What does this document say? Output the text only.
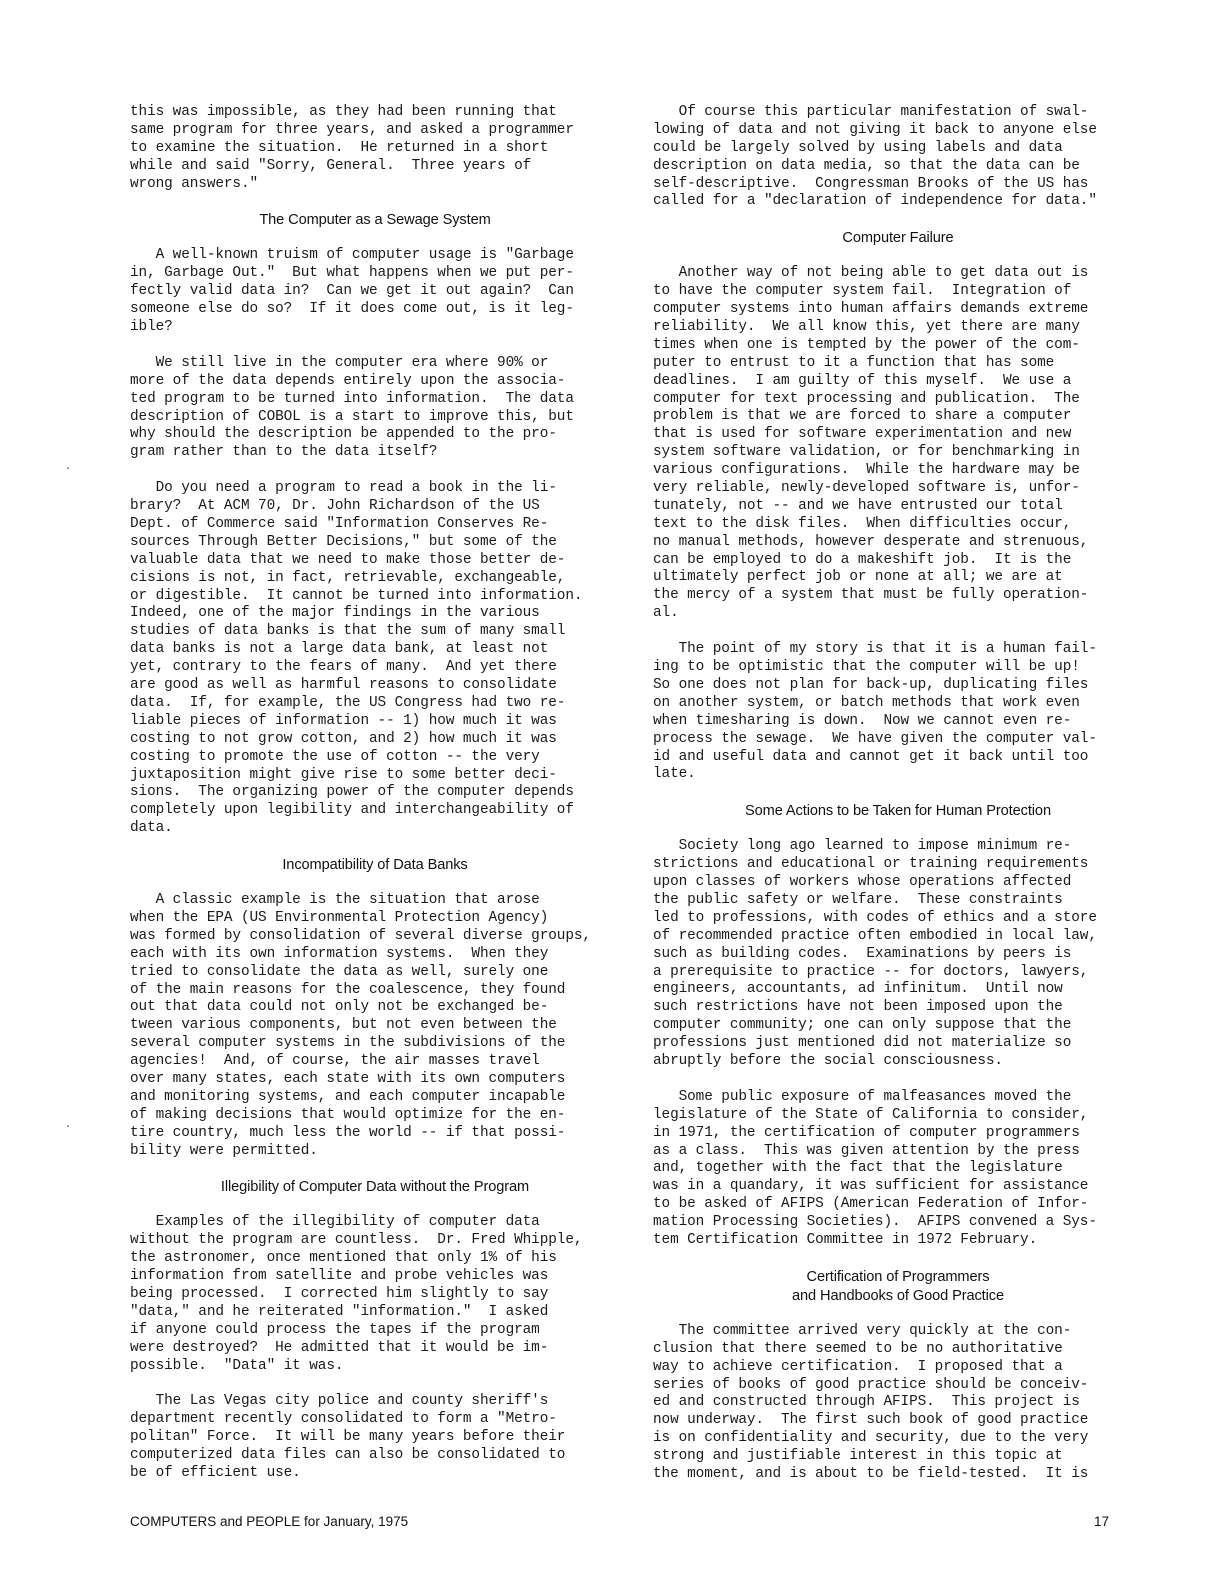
this was impossible, as they had been running that
same program for three years, and asked a programmer
to examine the situation.  He returned in a short
while and said "Sorry, General.  Three years of
wrong answers."
The Computer as a Sewage System
A well-known truism of computer usage is "Garbage
in, Garbage Out."  But what happens when we put per-
fectly valid data in?  Can we get it out again?  Can
someone else do so?  If it does come out, is it leg-
ible?
We still live in the computer era where 90% or
more of the data depends entirely upon the associa-
ted program to be turned into information.  The data
description of COBOL is a start to improve this, but
why should the description be appended to the pro-
gram rather than to the data itself?
Do you need a program to read a book in the li-
brary?  At ACM 70, Dr. John Richardson of the US
Dept. of Commerce said "Information Conserves Re-
sources Through Better Decisions," but some of the
valuable data that we need to make those better de-
cisions is not, in fact, retrievable, exchangeable,
or digestible.  It cannot be turned into information.
Indeed, one of the major findings in the various
studies of data banks is that the sum of many small
data banks is not a large data bank, at least not
yet, contrary to the fears of many.  And yet there
are good as well as harmful reasons to consolidate
data.  If, for example, the US Congress had two re-
liable pieces of information -- 1) how much it was
costing to not grow cotton, and 2) how much it was
costing to promote the use of cotton -- the very
juxtaposition might give rise to some better deci-
sions.  The organizing power of the computer depends
completely upon legibility and interchangeability of
data.
Incompatibility of Data Banks
A classic example is the situation that arose
when the EPA (US Environmental Protection Agency)
was formed by consolidation of several diverse groups,
each with its own information systems.  When they
tried to consolidate the data as well, surely one
of the main reasons for the coalescence, they found
out that data could not only not be exchanged be-
tween various components, but not even between the
several computer systems in the subdivisions of the
agencies!  And, of course, the air masses travel
over many states, each state with its own computers
and monitoring systems, and each computer incapable
of making decisions that would optimize for the en-
tire country, much less the world -- if that possi-
bility were permitted.
Illegibility of Computer Data without the Program
Examples of the illegibility of computer data
without the program are countless.  Dr. Fred Whipple,
the astronomer, once mentioned that only 1% of his
information from satellite and probe vehicles was
being processed.  I corrected him slightly to say
"data," and he reiterated "information."  I asked
if anyone could process the tapes if the program
were destroyed?  He admitted that it would be im-
possible.  "Data" it was.
The Las Vegas city police and county sheriff's
department recently consolidated to form a "Metro-
politan" Force.  It will be many years before their
computerized data files can also be consolidated to
be of efficient use.
Of course this particular manifestation of swal-
lowing of data and not giving it back to anyone else
could be largely solved by using labels and data
description on data media, so that the data can be
self-descriptive.  Congressman Brooks of the US has
called for a "declaration of independence for data."
Computer Failure
Another way of not being able to get data out is
to have the computer system fail.  Integration of
computer systems into human affairs demands extreme
reliability.  We all know this, yet there are many
times when one is tempted by the power of the com-
puter to entrust to it a function that has some
deadlines.  I am guilty of this myself.  We use a
computer for text processing and publication.  The
problem is that we are forced to share a computer
that is used for software experimentation and new
system software validation, or for benchmarking in
various configurations.  While the hardware may be
very reliable, newly-developed software is, unfor-
tunately, not -- and we have entrusted our total
text to the disk files.  When difficulties occur,
no manual methods, however desperate and strenuous,
can be employed to do a makeshift job.  It is the
ultimately perfect job or none at all; we are at
the mercy of a system that must be fully operation-
al.
The point of my story is that it is a human fail-
ing to be optimistic that the computer will be up!
So one does not plan for back-up, duplicating files
on another system, or batch methods that work even
when timesharing is down.  Now we cannot even re-
process the sewage.  We have given the computer val-
id and useful data and cannot get it back until too
late.
Some Actions to be Taken for Human Protection
Society long ago learned to impose minimum re-
strictions and educational or training requirements
upon classes of workers whose operations affected
the public safety or welfare.  These constraints
led to professions, with codes of ethics and a store
of recommended practice often embodied in local law,
such as building codes.  Examinations by peers is
a prerequisite to practice -- for doctors, lawyers,
engineers, accountants, ad infinitum.  Until now
such restrictions have not been imposed upon the
computer community; one can only suppose that the
professions just mentioned did not materialize so
abruptly before the social consciousness.
Some public exposure of malfeasances moved the
legislature of the State of California to consider,
in 1971, the certification of computer programmers
as a class.  This was given attention by the press
and, together with the fact that the legislature
was in a quandary, it was sufficient for assistance
to be asked of AFIPS (American Federation of Infor-
mation Processing Societies).  AFIPS convened a Sys-
tem Certification Committee in 1972 February.
Certification of Programmers
and Handbooks of Good Practice
The committee arrived very quickly at the con-
clusion that there seemed to be no authoritative
way to achieve certification.  I proposed that a
series of books of good practice should be conceiv-
ed and constructed through AFIPS.  This project is
now underway.  The first such book of good practice
is on confidentiality and security, due to the very
strong and justifiable interest in this topic at
the moment, and is about to be field-tested.  It is
COMPUTERS and PEOPLE for January, 1975	17
·
·
